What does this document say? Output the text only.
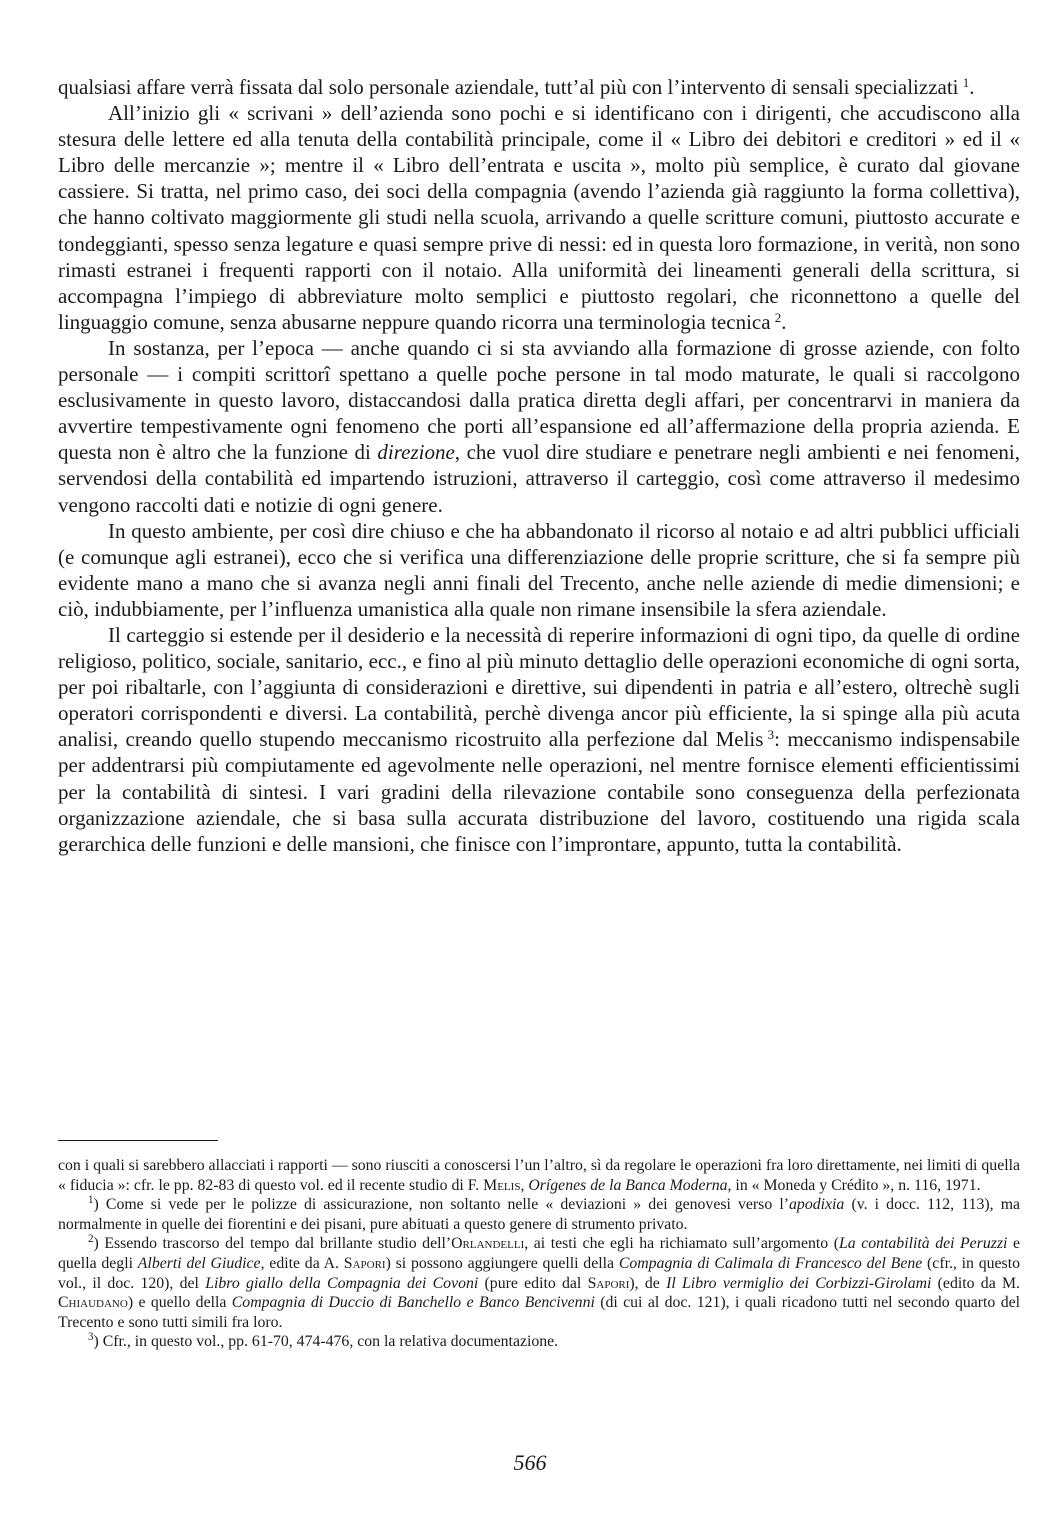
qualsiasi affare verrà fissata dal solo personale aziendale, tutt’al più con l’intervento di sensali specializzati  $^1$.

All’inizio gli « scrivani » dell’azienda sono pochi e si identificano con i dirigenti, che accudiscono alla stesura delle lettere ed alla tenuta della contabilità principale, come il « Libro dei debitori e creditori » ed il « Libro delle mercanzie »; mentre il « Libro dell’entrata e uscita », molto più semplice, è curato dal giovane cassiere. Si tratta, nel primo caso, dei soci della compagnia (avendo l’azienda già raggiunto la forma collettiva), che hanno coltivato maggiormente gli studi nella scuola, arrivando a quelle scritture comuni, piuttosto accurate e tondeggianti, spesso senza legature e quasi sempre prive di nessi: ed in questa loro formazione, in verità, non sono rimasti estranei i frequenti rapporti con il notaio. Alla uniformità dei lineamenti generali della scrittura, si accompagna l’impiego di abbreviature molto semplici e piuttosto regolari, che riconnettono a quelle del linguaggio comune, senza abusarne neppure quando ricorra una terminologia tecnica  $^2$.

In sostanza, per l’epoca — anche quando ci si sta avviando alla formazione di grosse aziende, con folto personale — i compiti scrittorî spettano a quelle poche persone in tal modo maturate, le quali si raccolgono esclusivamente in questo lavoro, distaccandosi dalla pratica diretta degli affari, per concentrarvi in maniera da avvertire tempestivamente ogni fenomeno che porti all’espansione ed all’affermazione della propria azienda. E questa non è altro che la funzione di direzione, che vuol dire studiare e penetrare negli ambienti e nei fenomeni, servendosi della contabilità ed impartendo istruzioni, attraverso il carteggio, così come attraverso il medesimo vengono raccolti dati e notizie di ogni genere.

In questo ambiente, per così dire chiuso e che ha abbandonato il ricorso al notaio e ad altri pubblici ufficiali (e comunque agli estranei), ecco che si verifica una differenziazione delle proprie scritture, che si fa sempre più evidente mano a mano che si avanza negli anni finali del Trecento, anche nelle aziende di medie dimensioni; e ciò, indubbiamente, per l’influenza umanistica alla quale non rimane insensibile la sfera aziendale.

Il carteggio si estende per il desiderio e la necessità di reperire informazioni di ogni tipo, da quelle di ordine religioso, politico, sociale, sanitario, ecc., e fino al più minuto dettaglio delle operazioni economiche di ogni sorta, per poi ribaltarle, con l’aggiunta di considerazioni e direttive, sui dipendenti in patria e all’estero, oltrechè sugli operatori corrispondenti e diversi. La contabilità, perchè divenga ancor più efficiente, la si spinge alla più acuta analisi, creando quello stupendo meccanismo ricostruito alla perfezione dal Melis  $^3$: meccanismo indispensabile per addentrarsi più compiutamente ed agevolmente nelle operazioni, nel mentre fornisce elementi efficientissimi per la contabilità di sintesi. I vari gradini della rilevazione contabile sono conseguenza della perfezionata organizzazione aziendale, che si basa sulla accurata distribuzione del lavoro, costituendo una rigida scala gerarchica delle funzioni e delle mansioni, che finisce con l’improntare, appunto, tutta la contabilità.

con i quali si sarebbero allacciati i rapporti — sono riusciti a conoscersi l’un l’altro, sì da regolare le operazioni fra loro direttamente, nei limiti di quella « fiducia »: cfr. le pp. 82-83 di questo vol. ed il recente studio di F. Melis, Orígenes de la Banca Moderna, in « Moneda y Crédito », n. 116, 1971.

$^1$) Come si vede per le polizze di assicurazione, non soltanto nelle « deviazioni » dei genovesi verso l’apodixia (v. i docc. 112, 113), ma normalmente in quelle dei fiorentini e dei pisani, pure abituati a questo genere di strumento privato.

$^2$) Essendo trascorso del tempo dal brillante studio dell’Orlandelli, ai testi che egli ha richiamato sull’argomento (La contabilità dei Peruzzi e quella degli Alberti del Giudice, edite da A. Sapori) si possono aggiungere quelli della Compagnia di Calimala di Francesco del Bene (cfr., in questo vol., il doc. 120), del Libro giallo della Compagnia dei Covoni (pure edito dal Sapori), de Il Libro vermiglio dei Corbizzi-Girolami (edito da M. Chiaudano) e quello della Compagnia di Duccio di Banchello e Banco Bencivenni (di cui al doc. 121), i quali ricadono tutti nel secondo quarto del Trecento e sono tutti simili fra loro.

$^3$) Cfr., in questo vol., pp. 61-70, 474-476, con la relativa documentazione.

566
